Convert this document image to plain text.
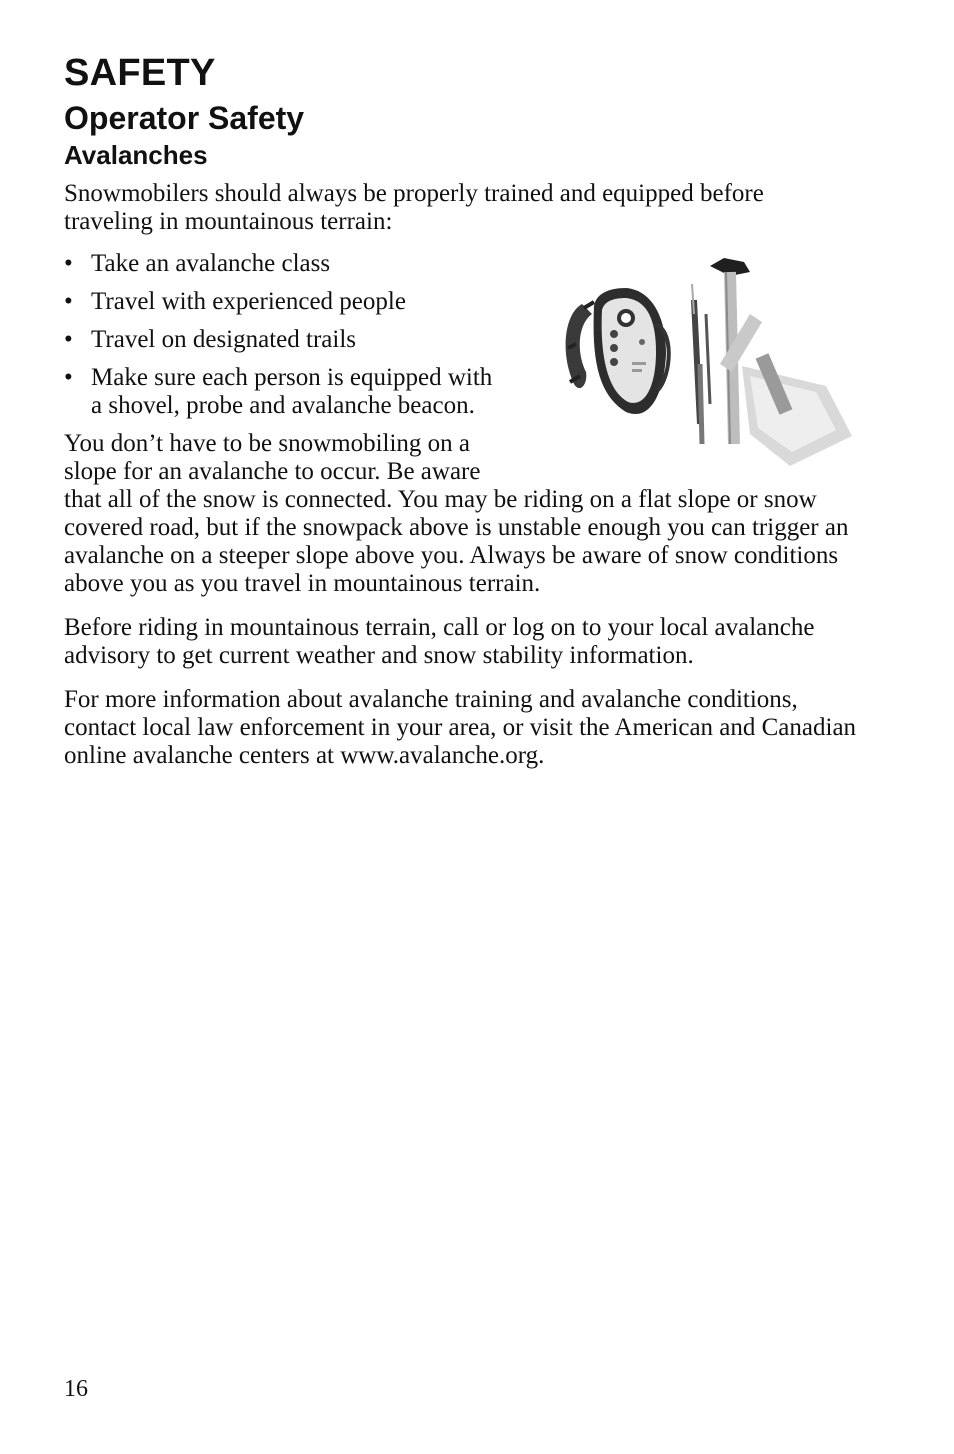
SAFETY
Operator Safety
Avalanches

Snowmobilers should always be properly trained and equipped before traveling in mountainous terrain:

• Take an avalanche class
• Travel with experienced people
• Travel on designated trails
• Make sure each person is equipped with a shovel, probe and avalanche beacon.

You don’t have to be snowmobiling on a slope for an avalanche to occur. Be aware
that all of the snow is connected. You may be riding on a flat slope or snow covered road, but if the snowpack above is unstable enough you can trigger an avalanche on a steeper slope above you. Always be aware of snow conditions above you as you travel in mountainous terrain.

Before riding in mountainous terrain, call or log on to your local avalanche advisory to get current weather and snow stability information.

For more information about avalanche training and avalanche conditions, contact local law enforcement in your area, or visit the American and Canadian online avalanche centers at www.avalanche.org.

16
